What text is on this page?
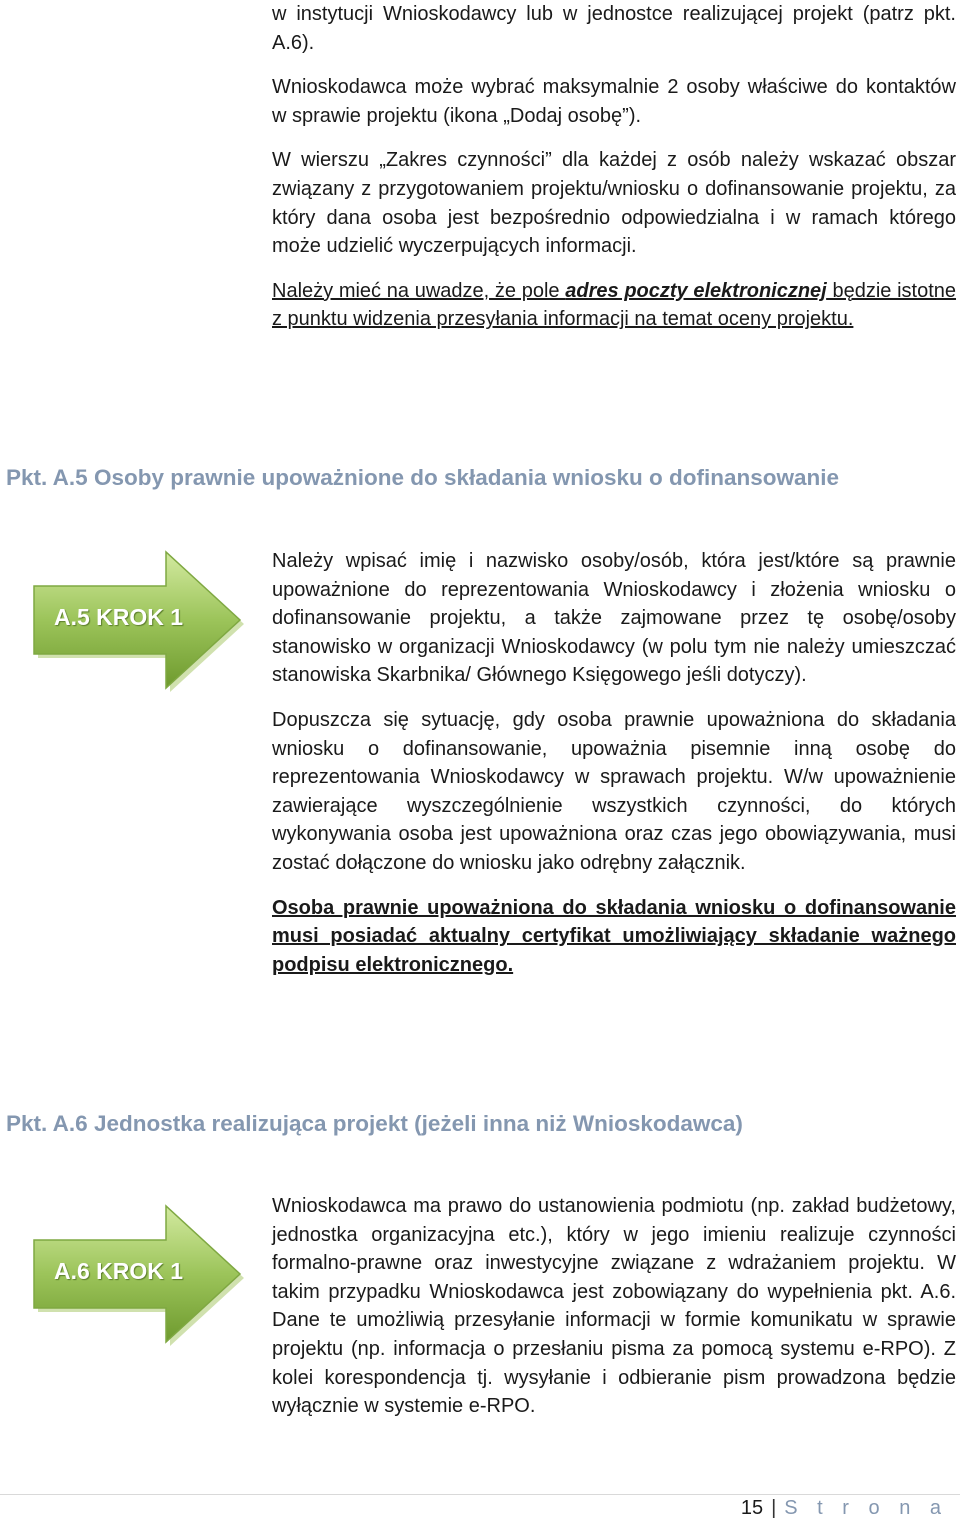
w instytucji Wnioskodawcy lub w jednostce realizującej projekt (patrz pkt. A.6).

Wnioskodawca może wybrać maksymalnie 2 osoby właściwe do kontaktów w sprawie projektu (ikona „Dodaj osobę”).

W wierszu „Zakres czynności” dla każdej z osób należy wskazać obszar związany z przygotowaniem projektu/wniosku o dofinansowanie projektu, za który dana osoba jest bezpośrednio odpowiedzialna i w ramach którego może udzielić wyczerpujących informacji.

Należy mieć na uwadze, że pole adres poczty elektronicznej będzie istotne z punktu widzenia przesyłania informacji na temat oceny projektu.

Pkt. A.5 Osoby prawnie upoważnione do składania wniosku o dofinansowanie
A.5 KROK 1

Należy wpisać imię i nazwisko osoby/osób, która jest/które są prawnie upoważnione do reprezentowania Wnioskodawcy i złożenia wniosku o dofinansowanie projektu, a także zajmowane przez tę osobę/osoby stanowisko w organizacji Wnioskodawcy (w polu tym nie należy umieszczać stanowiska Skarbnika/ Głównego Księgowego jeśli dotyczy).

Dopuszcza się sytuację, gdy osoba prawnie upoważniona do składania wniosku o dofinansowanie, upoważnia pisemnie inną osobę do reprezentowania Wnioskodawcy w sprawach projektu. W/w upoważnienie zawierające wyszczególnienie wszystkich czynności, do których wykonywania osoba jest upoważniona oraz czas jego obowiązywania, musi zostać dołączone do wniosku jako odrębny załącznik.

Osoba prawnie upoważniona do składania wniosku o dofinansowanie musi posiadać aktualny certyfikat umożliwiający składanie ważnego podpisu elektronicznego.

Pkt. A.6 Jednostka realizująca projekt (jeżeli inna niż Wnioskodawca)
A.6 KROK 1

Wnioskodawca ma prawo do ustanowienia podmiotu (np. zakład budżetowy, jednostka organizacyjna etc.), który w jego imieniu realizuje czynności formalno-prawne oraz inwestycyjne związane z wdrażaniem projektu. W takim przypadku Wnioskodawca jest zobowiązany do wypełnienia pkt. A.6. Dane te umożliwią przesyłanie informacji w formie komunikatu w sprawie projektu (np. informacja o przesłaniu pisma za pomocą systemu e-RPO). Z kolei korespondencja tj. wysyłanie i odbieranie pism prowadzona będzie wyłącznie w systemie e-RPO.

15 | S t r o n a
